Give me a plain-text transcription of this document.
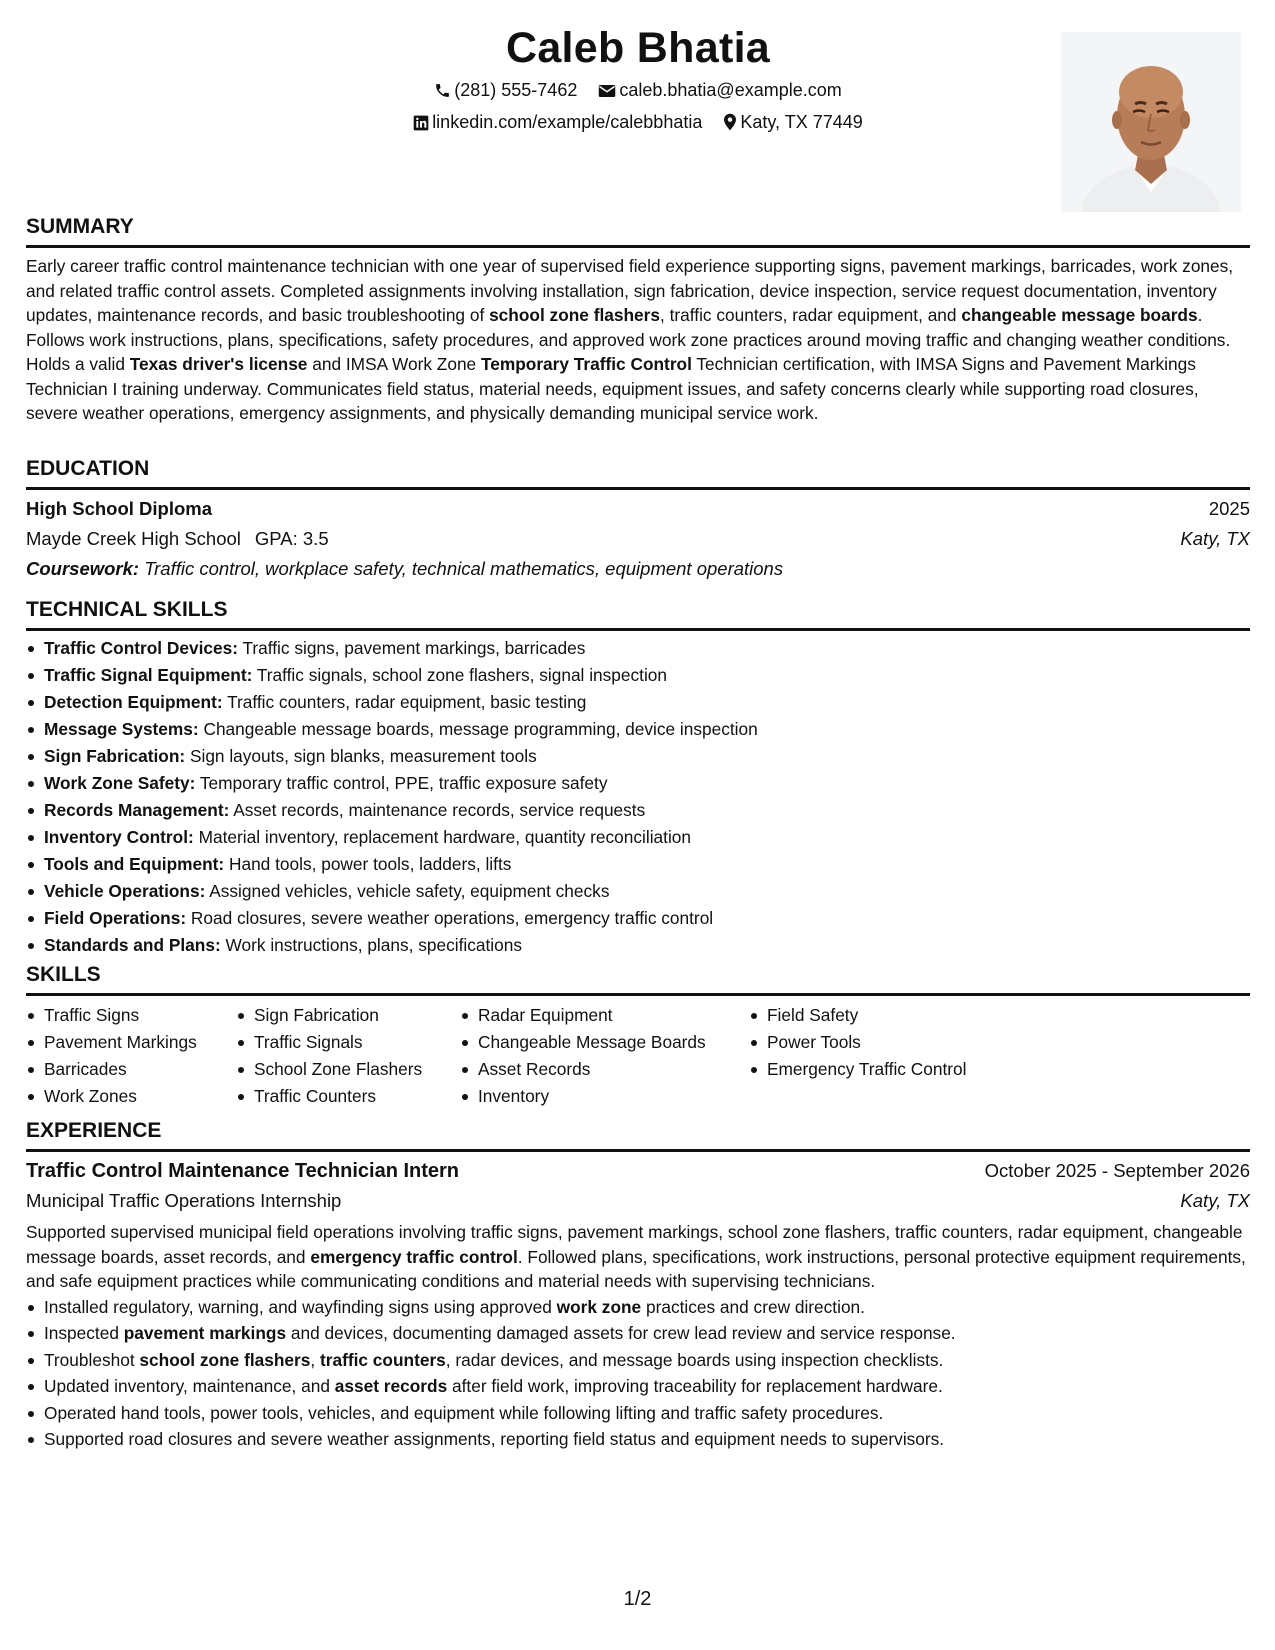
Caleb Bhatia
(281) 555-7462 caleb.bhatia@example.com
linkedin.com/example/calebbhatia Katy, TX 77449
SUMMARY
Early career traffic control maintenance technician with one year of supervised field experience supporting signs, pavement markings, barricades, work zones, and related traffic control assets. Completed assignments involving installation, sign fabrication, device inspection, service request documentation, inventory updates, maintenance records, and basic troubleshooting of school zone flashers, traffic counters, radar equipment, and changeable message boards. Follows work instructions, plans, specifications, safety procedures, and approved work zone practices around moving traffic and changing weather conditions. Holds a valid Texas driver's license and IMSA Work Zone Temporary Traffic Control Technician certification, with IMSA Signs and Pavement Markings Technician I training underway. Communicates field status, material needs, equipment issues, and safety concerns clearly while supporting road closures, severe weather operations, emergency assignments, and physically demanding municipal service work.
EDUCATION
High School Diploma	2025
Mayde Creek High School GPA: 3.5	Katy, TX
Coursework: Traffic control, workplace safety, technical mathematics, equipment operations
TECHNICAL SKILLS
Traffic Control Devices: Traffic signs, pavement markings, barricades
Traffic Signal Equipment: Traffic signals, school zone flashers, signal inspection
Detection Equipment: Traffic counters, radar equipment, basic testing
Message Systems: Changeable message boards, message programming, device inspection
Sign Fabrication: Sign layouts, sign blanks, measurement tools
Work Zone Safety: Temporary traffic control, PPE, traffic exposure safety
Records Management: Asset records, maintenance records, service requests
Inventory Control: Material inventory, replacement hardware, quantity reconciliation
Tools and Equipment: Hand tools, power tools, ladders, lifts
Vehicle Operations: Assigned vehicles, vehicle safety, equipment checks
Field Operations: Road closures, severe weather operations, emergency traffic control
Standards and Plans: Work instructions, plans, specifications
SKILLS
Traffic Signs
Pavement Markings
Barricades
Work Zones
Sign Fabrication
Traffic Signals
School Zone Flashers
Traffic Counters
Radar Equipment
Changeable Message Boards
Asset Records
Inventory
Field Safety
Power Tools
Emergency Traffic Control
EXPERIENCE
Traffic Control Maintenance Technician Intern	October 2025 - September 2026
Municipal Traffic Operations Internship	Katy, TX
Supported supervised municipal field operations involving traffic signs, pavement markings, school zone flashers, traffic counters, radar equipment, changeable message boards, asset records, and emergency traffic control. Followed plans, specifications, work instructions, personal protective equipment requirements, and safe equipment practices while communicating conditions and material needs with supervising technicians.
Installed regulatory, warning, and wayfinding signs using approved work zone practices and crew direction.
Inspected pavement markings and devices, documenting damaged assets for crew lead review and service response.
Troubleshot school zone flashers, traffic counters, radar devices, and message boards using inspection checklists.
Updated inventory, maintenance, and asset records after field work, improving traceability for replacement hardware.
Operated hand tools, power tools, vehicles, and equipment while following lifting and traffic safety procedures.
Supported road closures and severe weather assignments, reporting field status and equipment needs to supervisors.
1/2
